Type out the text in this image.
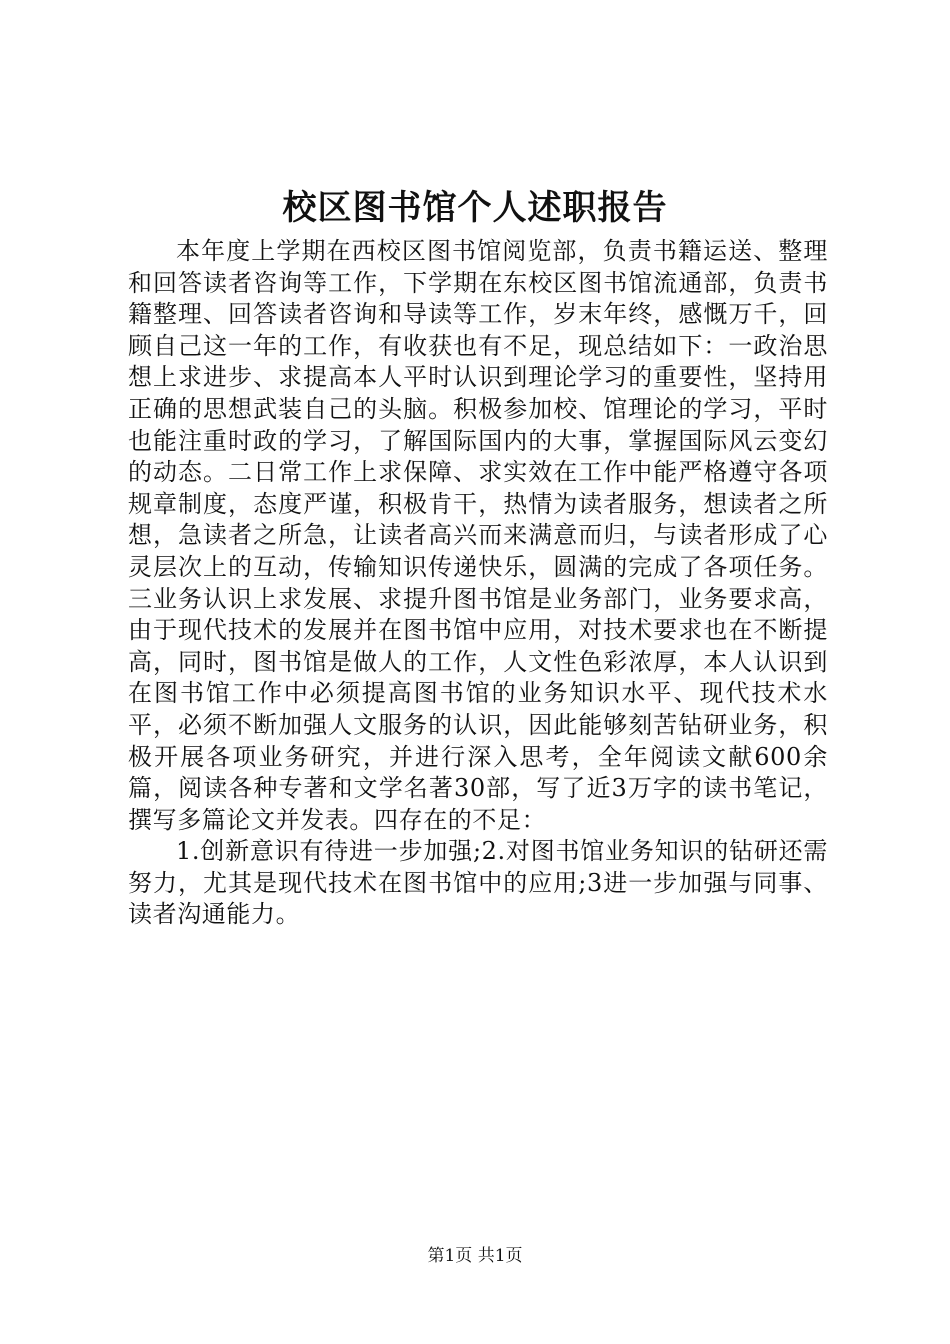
校区图书馆个人述职报告

本年度上学期在西校区图书馆阅览部，负责书籍运送、整理和回答读者咨询等工作，下学期在东校区图书馆流通部，负责书籍整理、回答读者咨询和导读等工作，岁末年终，感慨万千，回顾自己这一年的工作，有收获也有不足，现总结如下：一政治思想上求进步、求提高本人平时认识到理论学习的重要性，坚持用正确的思想武装自己的头脑。积极参加校、馆理论的学习，平时也能注重时政的学习，了解国际国内的大事，掌握国际风云变幻的动态。二日常工作上求保障、求实效在工作中能严格遵守各项规章制度，态度严谨，积极肯干，热情为读者服务，想读者之所想，急读者之所急，让读者高兴而来满意而归，与读者形成了心灵层次上的互动，传输知识传递快乐，圆满的完成了各项任务。三业务认识上求发展、求提升图书馆是业务部门，业务要求高，由于现代技术的发展并在图书馆中应用，对技术要求也在不断提高，同时，图书馆是做人的工作，人文性色彩浓厚，本人认识到在图书馆工作中必须提高图书馆的业务知识水平、现代技术水平，必须不断加强人文服务的认识，因此能够刻苦钻研业务，积极开展各项业务研究，并进行深入思考，全年阅读文献600余篇，阅读各种专著和文学名著30部，写了近3万字的读书笔记，撰写多篇论文并发表。四存在的不足：

1.创新意识有待进一步加强;2.对图书馆业务知识的钻研还需努力，尤其是现代技术在图书馆中的应用;3进一步加强与同事、读者沟通能力。

第1页 共1页
